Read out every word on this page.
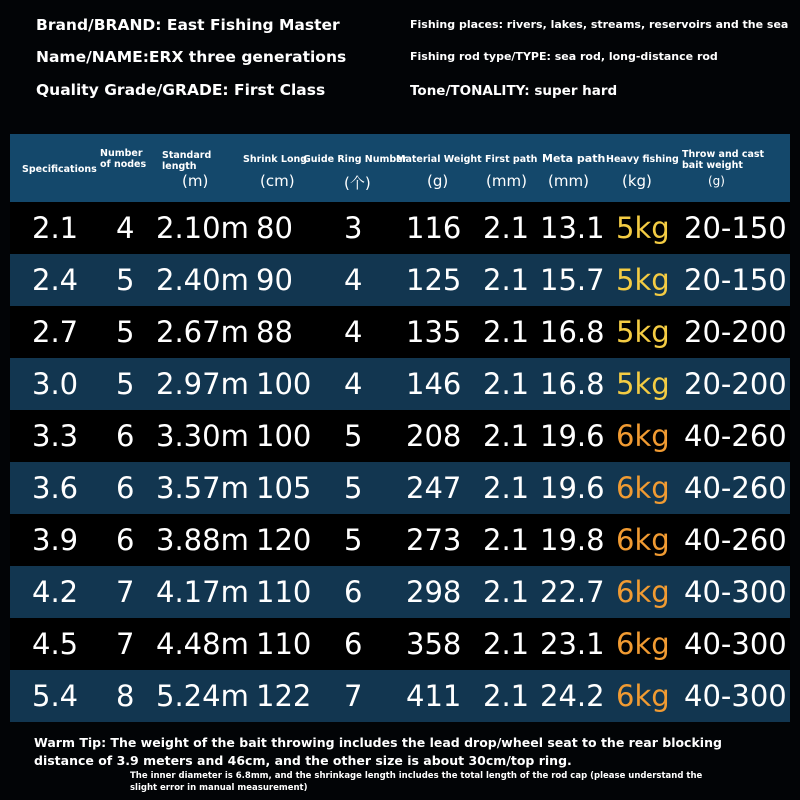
Brand/BRAND: East Fishing Master
Name/NAME:ERX three generations
Quality Grade/GRADE: First Class
Fishing places: rivers, lakes, streams, reservoirs and the sea
Fishing rod type/TYPE: sea rod, long-distance rod
Tone/TONALITY: super hard
Specifications
Number of nodes
Standard length
(m)
Shrink Long
(cm)
Guide Ring Number
(个)
Material Weight
(g)
First path
(mm)
Meta path
(mm)
Heavy fishing
(kg)
Throw and cast bait weight
(g)
2.1 4 2.10m 80 3 116 2.1 13.1 5kg 20-150
2.4 5 2.40m 90 4 125 2.1 15.7 5kg 20-150
2.7 5 2.67m 88 4 135 2.1 16.8 5kg 20-200
3.0 5 2.97m 100 4 146 2.1 16.8 5kg 20-200
3.3 6 3.30m 100 5 208 2.1 19.6 6kg 40-260
3.6 6 3.57m 105 5 247 2.1 19.6 6kg 40-260
3.9 6 3.88m 120 5 273 2.1 19.8 6kg 40-260
4.2 7 4.17m 110 6 298 2.1 22.7 6kg 40-300
4.5 7 4.48m 110 6 358 2.1 23.1 6kg 40-300
5.4 8 5.24m 122 7 411 2.1 24.2 6kg 40-300
Warm Tip: The weight of the bait throwing includes the lead drop/wheel seat to the rear blocking distance of 3.9 meters and 46cm, and the other size is about 30cm/top ring.
The inner diameter is 6.8mm, and the shrinkage length includes the total length of the rod cap (please understand the slight error in manual measurement)
